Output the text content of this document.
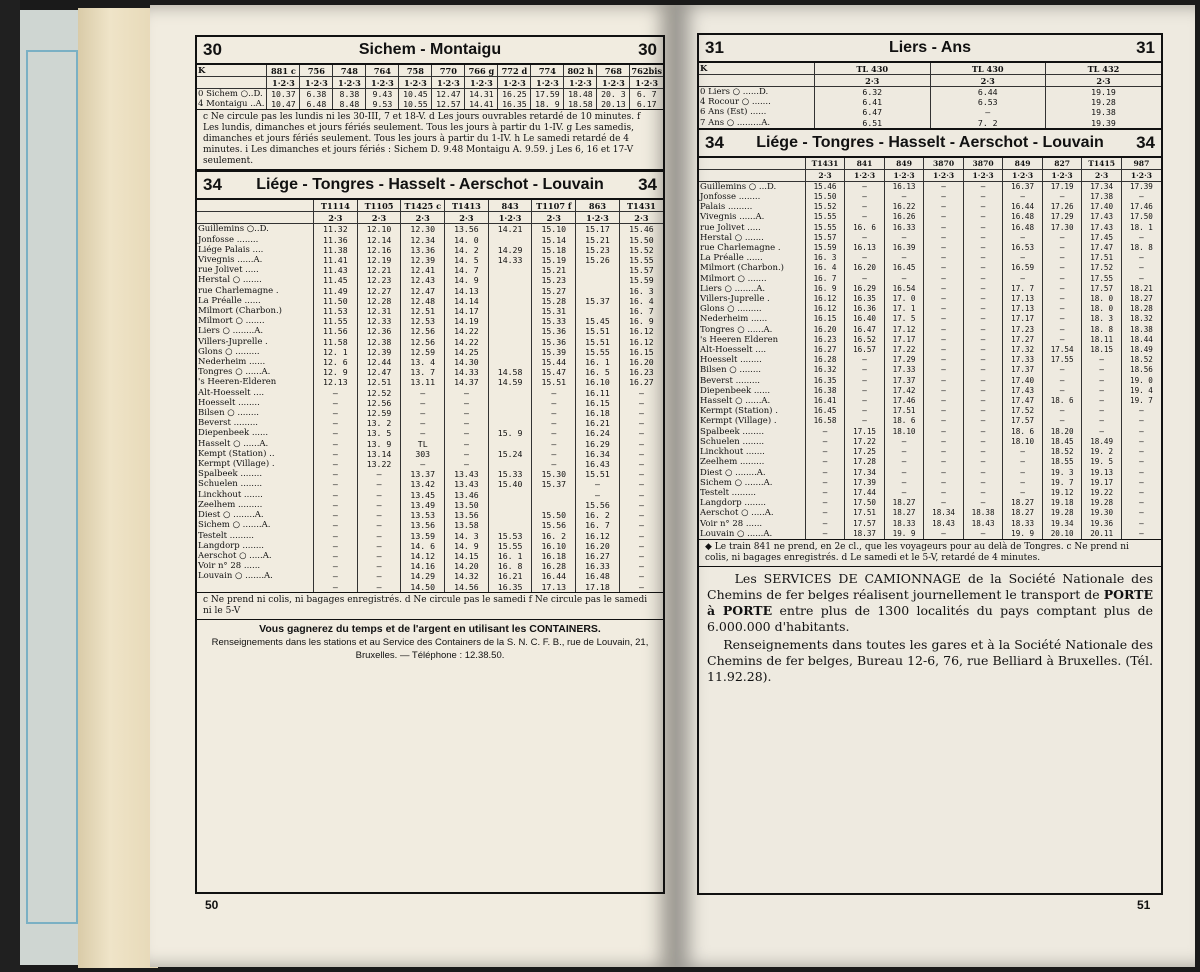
30	Sichem - Montaigu	30
K	881 c	756	748	764	758	770	766 g	772 d	774	802 h	768	762bis
	1·2·3	1·2·3	1·2·3	1·2·3	1·2·3	1·2·3	1·2·3	1·2·3	1·2·3	1·2·3	1·2·3	1·2·3
0 Sichem ○..D.	10.37	6.38	8.38	9.43	10.45	12.47	14.31	16.25	17.59	18.48	20. 3	6. 7
4 Montaigu ..A.	10.47	6.48	8.48	9.53	10.55	12.57	14.41	16.35	18. 9	18.58	20.13	6.17
c Ne circule pas les lundis ni les 30-III, 7 et 18-V. d Les jours ouvrables retardé de 10 minutes. f Les lundis, dimanches et jours fériés seulement. Tous les jours à partir du 1-IV. g Les samedis, dimanches et jours fériés seulement. Tous les jours à partir du 1-IV. h Le samedi retardé de 4 minutes. i Les dimanches et jours fériés : Sichem D. 9.48 Montaigu A. 9.59. j Les 6, 16 et 17-V seulement.
34	Liége - Tongres - Hasselt - Aerschot - Louvain	34
	T1114	T1105	T1425 c	T1413	843	T1107 f	863	T1431
	2·3	2·3	2·3	2·3	1·2·3	2·3	1·2·3	2·3
Guillemins ○..D.	11.32	12.10	12.30	13.56	14.21	15.10	15.17	15.46
Jonfosse ........	11.36	12.14	12.34	14. 0		15.14	15.21	15.50
Liége Palais ....	11.38	12.16	13.36	14. 2	14.29	15.18	15.23	15.52
Vivegnis ......A.	11.41	12.19	12.39	14. 5	14.33	15.19	15.26	15.55
rue Jolivet .....	11.43	12.21	12.41	14. 7		15.21		15.57
Herstal ○ .......	11.45	12.23	12.43	14. 9		15.23		15.59
rue Charlemagne .	11.49	12.27	12.47	14.13		15.27		16. 3
La Préalle ......	11.50	12.28	12.48	14.14		15.28	15.37	16. 4
Milmort (Charbon.)	11.53	12.31	12.51	14.17		15.31		16. 7
Milmort ○ .......	11.55	12.33	12.53	14.19		15.33	15.45	16. 9
Liers ○ ........A.	11.56	12.36	12.56	14.22		15.36	15.51	16.12
Villers-Juprelle .	11.58	12.38	12.56	14.22		15.36	15.51	16.12
Glons ○ .........	12. 1	12.39	12.59	14.25		15.39	15.55	16.15
Nederheim ......	12. 6	12.44	13. 4	14.30		15.44	16. 1	16.20
Tongres ○ ......A.	12. 9	12.47	13. 7	14.33	14.58	15.47	16. 5	16.23
's Heeren-Elderen	12.13	12.51	13.11	14.37	14.59	15.51	16.10	16.27
Alt-Hoesselt ....	—	12.52	—	—		—	16.11	—
Hoesselt ........	—	12.56	—	—		—	16.15	—
Bilsen ○ ........	—	12.59	—	—		—	16.18	—
Beverst .........	—	13. 2	—	—		—	16.21	—
Diepenbeek ......	—	13. 5	—	—	15. 9	—	16.24	—
Hasselt ○ ......A.	—	13. 9	TL	—		—	16.29	—
Kempt (Station) ..	—	13.14	303	—	15.24	—	16.34	—
Kermpt (Village) .	—	13.22	—	—		—	16.43	—
Spalbeek ........	—	—	13.37	13.43	15.33	15.30	15.51	—
Schuelen ........	—	—	13.42	13.43	15.40	15.37	—	—
Linckhout .......	—	—	13.45	13.46			—	—
Zeelhem .........	—	—	13.49	13.50			15.56	—
Diest ○ ........A.	—	—	13.53	13.56		15.50	16. 2	—
Sichem ○ .......A.	—	—	13.56	13.58		15.56	16. 7	—
Testelt .........	—	—	13.59	14. 3	15.53	16. 2	16.12	—
Langdorp ........	—	—	14. 6	14. 9	15.55	16.10	16.20	—
Aerschot ○ .....A.	—	—	14.12	14.15	16. 1	16.18	16.27	—
Voir n° 28 ......	—	—	14.16	14.20	16. 8	16.28	16.33	—
Louvain ○ .......A.	—	—	14.29	14.32	16.21	16.44	16.48	—
	—	—	14.50	14.56	16.35	17.13	17.18	—
c Ne prend ni colis, ni bagages enregistrés. d Ne circule pas le samedi f Ne circule pas le samedi ni le 5-V
Vous gagnerez du temps et de l'argent en utilisant les CONTAINERS.
Renseignements dans les stations et au Service des Containers de la S. N. C. F. B., rue de Louvain, 21, Bruxelles. — Téléphone : 12.38.50.
50
31	Liers - Ans	31
K	TL 430	TL 430	TL 432
	2·3	2·3	2·3
0 Liers ○ ......D.	6.32	6.44	19.19
4 Rocour ○ .......	6.41	6.53	19.28
6 Ans (Est) ......	6.47	—	19.38
7 Ans ○ .........A.	6.51	7. 2	19.39
34	Liége - Tongres - Hasselt - Aerschot - Louvain	34
	T1431	841	849	3870	3870	849	827	T1415	987
	2·3	1·2·3	1·2·3	1·2·3	1·2·3	1·2·3	1·2·3	2·3	1·2·3
Guillemins ○ ...D.	15.46	—	16.13	—	—	16.37	17.19	17.34	17.39
Jonfosse ........	15.50	—	—	—	—	—	—	17.38	—
Palais .........	15.52	—	16.22	—	—	16.44	17.26	17.40	17.46
Vivegnis ......A.	15.55	—	16.26	—	—	16.48	17.29	17.43	17.50
rue Jolivet .....	15.55	16. 6	16.33	—	—	16.48	17.30	17.43	18. 1
Herstal ○ .......	15.57	—	—	—	—	—	—	17.45	—
rue Charlemagne .	15.59	16.13	16.39	—	—	16.53	—	17.47	18. 8
La Préalle ......	16. 3	—	—	—	—	—	—	17.51	—
Milmort (Charbon.)	16. 4	16.20	16.45	—	—	16.59	—	17.52	—
Milmort ○ .......	16. 7	—	—	—	—	—	—	17.55	—
Liers ○ ........A.	16. 9	16.29	16.54	—	—	17. 7	—	17.57	18.21
Villers-Juprelle .	16.12	16.35	17. 0	—	—	17.13	—	18. 0	18.27
Glons ○ .........	16.12	16.36	17. 1	—	—	17.13	—	18. 0	18.28
Nederheim ......	16.15	16.40	17. 5	—	—	17.17	—	18. 3	18.32
Tongres ○ ......A.	16.20	16.47	17.12	—	—	17.23	—	18. 8	18.38
's Heeren Elderen	16.23	16.52	17.17	—	—	17.27	—	18.11	18.44
Alt-Hoesselt ....	16.27	16.57	17.22	—	—	17.32	17.54	18.15	18.49
Hoesselt ........	16.28	—	17.29	—	—	17.33	17.55	—	18.52
Bilsen ○ ........	16.32	—	17.33	—	—	17.37	—	—	18.56
Beverst .........	16.35	—	17.37	—	—	17.40	—	—	19. 0
Diepenbeek ......	16.38	—	17.42	—	—	17.43	—	—	19. 4
Hasselt ○ ......A.	16.41	—	17.46	—	—	17.47	18. 6	—	19. 7
Kermpt (Station) .	16.45	—	17.51	—	—	17.52	—	—	—
Kermpt (Village) .	16.58	—	18. 6	—	—	17.57	—	—	—
Spalbeek ........	—	17.15	18.10	—	—	18. 6	18.20	—	—
Schuelen ........	—	17.22	—	—	—	18.10	18.45	18.49	—
Linckhout .......	—	17.25	—	—	—	—	18.52	19. 2	—
Zeelhem .........	—	17.28	—	—	—	—	18.55	19. 5	—
Diest ○ ........A.	—	17.34	—	—	—	—	19. 3	19.13	—
Sichem ○ .......A.	—	17.39	—	—	—	—	19. 7	19.17	—
Testelt .........	—	17.44	—	—	—	—	19.12	19.22	—
Langdorp ........	—	17.50	18.27	—	—	18.27	19.18	19.28	—
Aerschot ○ .....A.	—	17.51	18.27	18.34	18.38	18.27	19.28	19.30	—
Voir n° 28 ......	—	17.57	18.33	18.43	18.43	18.33	19.34	19.36	—
Louvain ○ ......A.	—	18.37	19. 9	—	—	19. 9	20.10	20.11	—
◆ Le train 841 ne prend, en 2e cl., que les voyageurs pour au delà de Tongres. c Ne prend ni colis, ni bagages enregistrés. d Le samedi et le 5-V, retardé de 4 minutes.
Les SERVICES DE CAMIONNAGE de la Société Nationale des Chemins de fer belges réalisent journellement le transport de PORTE à PORTE entre plus de 1300 localités du pays comptant plus de 6.000.000 d'habitants.
Renseignements dans toutes les gares et à la Société Nationale des Chemins de fer belges, Bureau 12-6, 76, rue Belliard à Bruxelles. (Tél. 11.92.28).
51
